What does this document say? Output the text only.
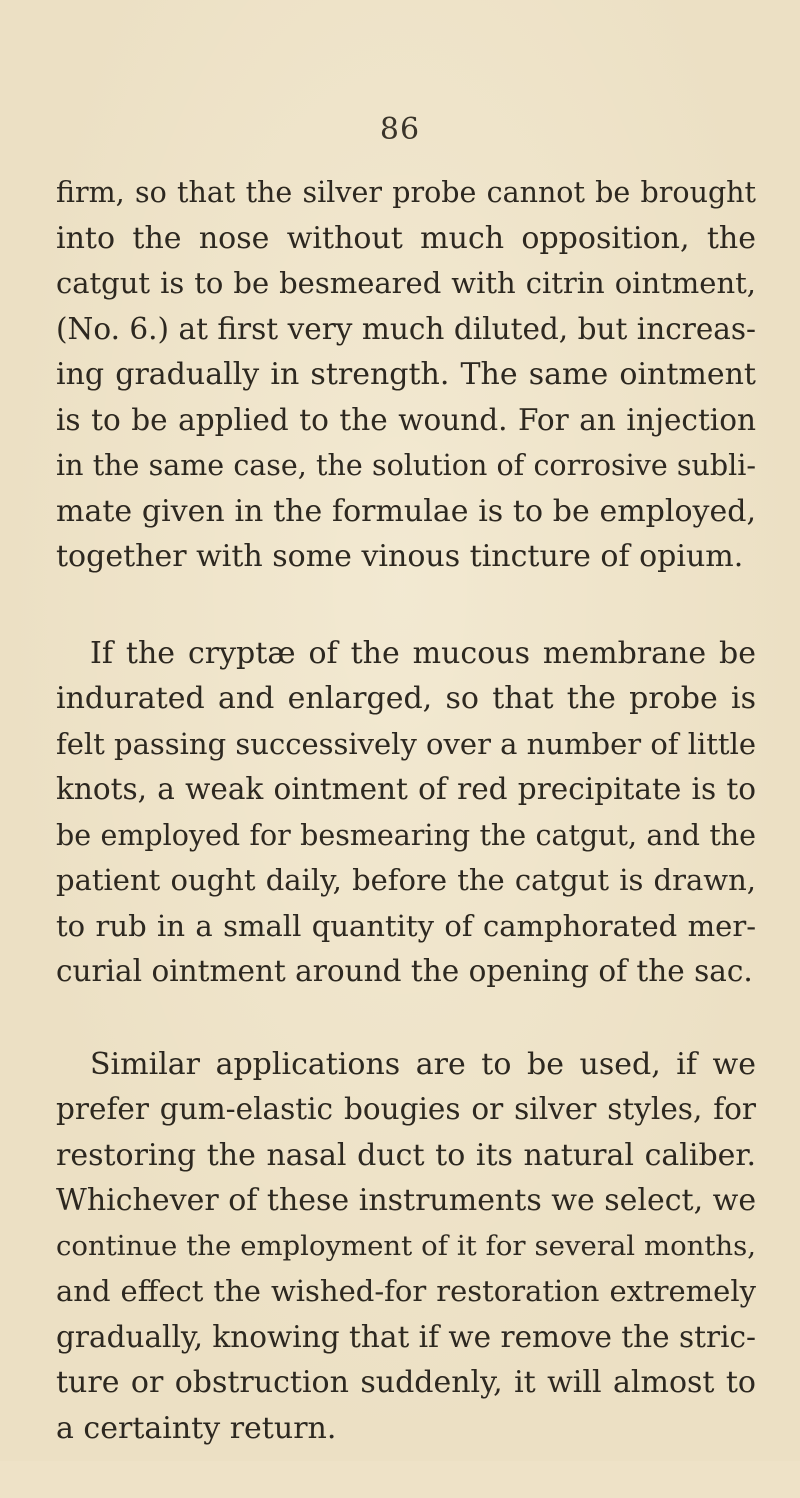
86
firm, so that the silver probe cannot be brought
into the nose without much opposition, the
catgut is to be besmeared with citrin ointment,
(No. 6.) at first very much diluted, but increas-
ing gradually in strength. The same ointment
is to be applied to the wound. For an injection
in the same case, the solution of corrosive subli-
mate given in the formulae is to be employed,
together with some vinous tincture of opium.
If the cryptæ of the mucous membrane be
indurated and enlarged, so that the probe is
felt passing successively over a number of little
knots, a weak ointment of red precipitate is to
be employed for besmearing the catgut, and the
patient ought daily, before the catgut is drawn,
to rub in a small quantity of camphorated mer-
curial ointment around the opening of the sac.
Similar applications are to be used, if we
prefer gum-elastic bougies or silver styles, for
restoring the nasal duct to its natural caliber.
Whichever of these instruments we select, we
continue the employment of it for several months,
and effect the wished-for restoration extremely
gradually, knowing that if we remove the stric-
ture or obstruction suddenly, it will almost to
a certainty return.
